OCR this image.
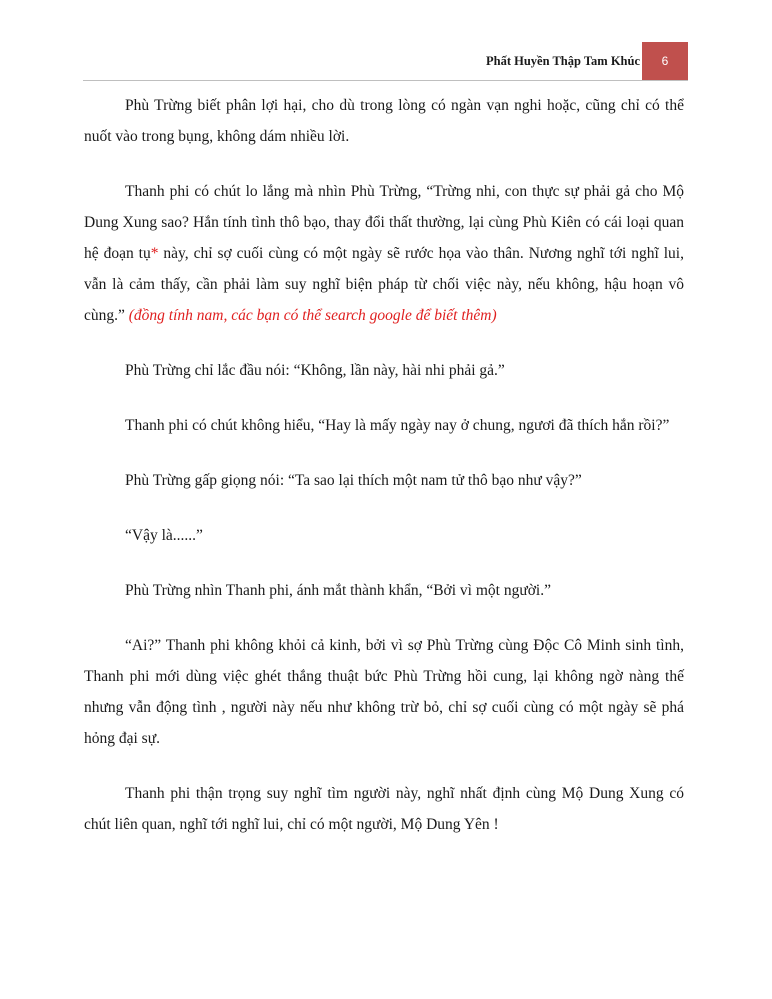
Phất Huyền Thập Tam Khúc	6

Phù Trừng biết phân lợi hại, cho dù trong lòng có ngàn vạn nghi hoặc, cũng chỉ có thể nuốt vào trong bụng, không dám nhiều lời.

Thanh phi có chút lo lắng mà nhìn Phù Trừng, “Trừng nhi, con thực sự phải gả cho Mộ Dung Xung sao? Hắn tính tình thô bạo, thay đổi thất thường, lại cùng Phù Kiên có cái loại quan hệ đoạn tụ* này, chỉ sợ cuối cùng có một ngày sẽ rước họa vào thân. Nương nghĩ tới nghĩ lui, vẫn là cảm thấy, cần phải làm suy nghĩ biện pháp từ chối việc này, nếu không, hậu hoạn vô cùng.” (đồng tính nam, các bạn có thể search google để biết thêm)

Phù Trừng chỉ lắc đầu nói: “Không, lần này, hài nhi phải gả.”

Thanh phi có chút không hiểu, “Hay là mấy ngày nay ở chung, ngươi đã thích hắn rồi?”

Phù Trừng gấp giọng nói: “Ta sao lại thích một nam tử thô bạo như vậy?”

“Vậy là......”

Phù Trừng nhìn Thanh phi, ánh mắt thành khẩn, “Bởi vì một người.”

“Ai?” Thanh phi không khỏi cả kinh, bởi vì sợ Phù Trừng cùng Độc Cô Minh sinh tình, Thanh phi mới dùng việc ghét thắng thuật bức Phù Trừng hồi cung, lại không ngờ nàng thế nhưng vẫn động tình , người này nếu như không trừ bỏ, chỉ sợ cuối cùng có một ngày sẽ phá hỏng đại sự.

Thanh phi thận trọng suy nghĩ tìm người này, nghĩ nhất định cùng Mộ Dung Xung có chút liên quan, nghĩ tới nghĩ lui, chỉ có một người, Mộ Dung Yên !
